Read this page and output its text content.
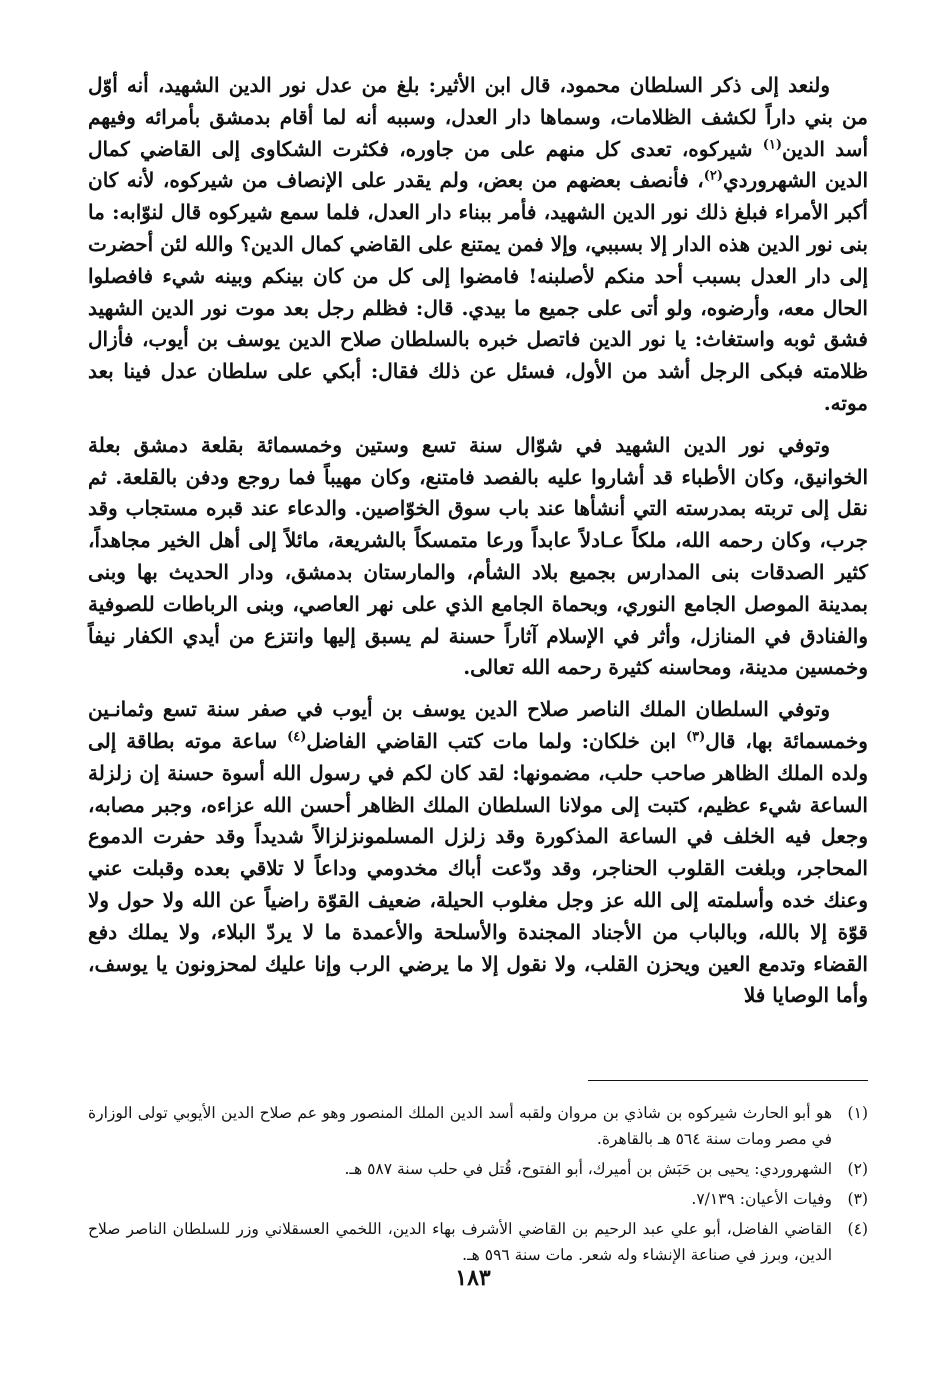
ولنعد إلى ذكر السلطان محمود، قال ابن الأثير: بلغ من عدل نور الدين الشهيد، أنه أوّل من بني داراً لكشف الظلامات، وسماها دار العدل، وسببه أنه لما أقام بدمشق بأمرائه وفيهم أسد الدين$^{(١)}$ شيركوه، تعدى كل منهم على من جاوره، فكثرت الشكاوى إلى القاضي كمال الدين الشهروردي$^{(٢)}$، فأنصف بعضهم من بعض، ولم يقدر على الإنصاف من شيركوه، لأنه كان أكبر الأمراء فبلغ ذلك نور الدين الشهيد، فأمر ببناء دار العدل، فلما سمع شيركوه قال لنوّابه: ما بنى نور الدين هذه الدار إلا بسببي، وإلا فمن يمتنع على القاضي كمال الدين؟ والله لئن أحضرت إلى دار العدل بسبب أحد منكم لأصلبنه! فامضوا إلى كل من كان بينكم وبينه شيء فافصلوا الحال معه، وأرضوه، ولو أتى على جميع ما بيدي. قال: فظلم رجل بعد موت نور الدين الشهيد فشق ثوبه واستغاث: يا نور الدين فاتصل خبره بالسلطان صلاح الدين يوسف بن أيوب، فأزال ظلامته فبكى الرجل أشد من الأول، فسئل عن ذلك فقال: أبكي على سلطان عدل فينا بعد موته.

وتوفي نور الدين الشهيد في شوّال سنة تسع وستين وخمسمائة بقلعة دمشق بعلة الخوانيق، وكان الأطباء قد أشاروا عليه بالفصد فامتنع، وكان مهيباً فما روجع ودفن بالقلعة. ثم نقل إلى تربته بمدرسته التي أنشأها عند باب سوق الخوّاصين. والدعاء عند قبره مستجاب وقد جرب، وكان رحمه الله، ملكاً عـادلاً عابداً ورعا متمسكاً بالشريعة، مائلاً إلى أهل الخير مجاهداً، كثير الصدقات بنى المدارس بجميع بلاد الشأم، والمارستان بدمشق، ودار الحديث بها وبنى بمدينة الموصل الجامع النوري، وبحماة الجامع الذي على نهر العاصي، وبنى الرباطات للصوفية والفنادق في المنازل، وأثر في الإسلام آثاراً حسنة لم يسبق إليها وانتزع من أيدي الكفار نيفاً وخمسين مدينة، ومحاسنه كثيرة رحمه الله تعالى.

وتوفي السلطان الملك الناصر صلاح الدين يوسف بن أيوب في صفر سنة تسع وثمانـين وخمسمائة بها، قال$^{(٣)}$ ابن خلكان: ولما مات كتب القاضي الفاضل$^{(٤)}$ ساعة موته بطاقة إلى ولده الملك الظاهر صاحب حلب، مضمونها: لقد كان لكم في رسول الله أسوة حسنة إن زلزلة الساعة شيء عظيم، كتبت إلى مولانا السلطان الملك الظاهر أحسن الله عزاءه، وجبر مصابه، وجعل فيه الخلف في الساعة المذكورة وقد زلزل المسلمونزلزالاً شديداً وقد حفرت الدموع المحاجر، وبلغت القلوب الحناجر، وقد ودّعت أباك مخدومي وداعاً لا تلاقي بعده وقبلت عني وعنك خده وأسلمته إلى الله عز وجل مغلوب الحيلة، ضعيف القوّة راضياً عن الله ولا حول ولا قوّة إلا بالله، وبالباب من الأجناد المجندة والأسلحة والأعمدة ما لا يردّ البلاء، ولا يملك دفع القضاء وتدمع العين ويحزن القلب، ولا نقول إلا ما يرضي الرب وإنا عليك لمحزونون يا يوسف، وأما الوصايا فلا

(١)
هو أبو الحارث شيركوه بن شاذي بن مروان ولقبه أسد الدين الملك المنصور وهو عم صلاح الدين الأيوبي تولى الوزارة في مصر ومات سنة ٥٦٤ هـ بالقاهرة.

(٢)
الشهروردي: يحيى بن حَبَش بن أميرك، أبو الفتوح، قُتل في حلب سنة ٥٨٧ هـ.

(٣)
وفيات الأعيان: ٧/١٣٩.

(٤)
القاضي الفاضل، أبو علي عبد الرحيم بن القاضي الأشرف بهاء الدين، اللخمي العسقلاني وزر للسلطان الناصر صلاح الدين، وبرز في صناعة الإنشاء وله شعر. مات سنة ٥٩٦ هـ.

١٨٣
